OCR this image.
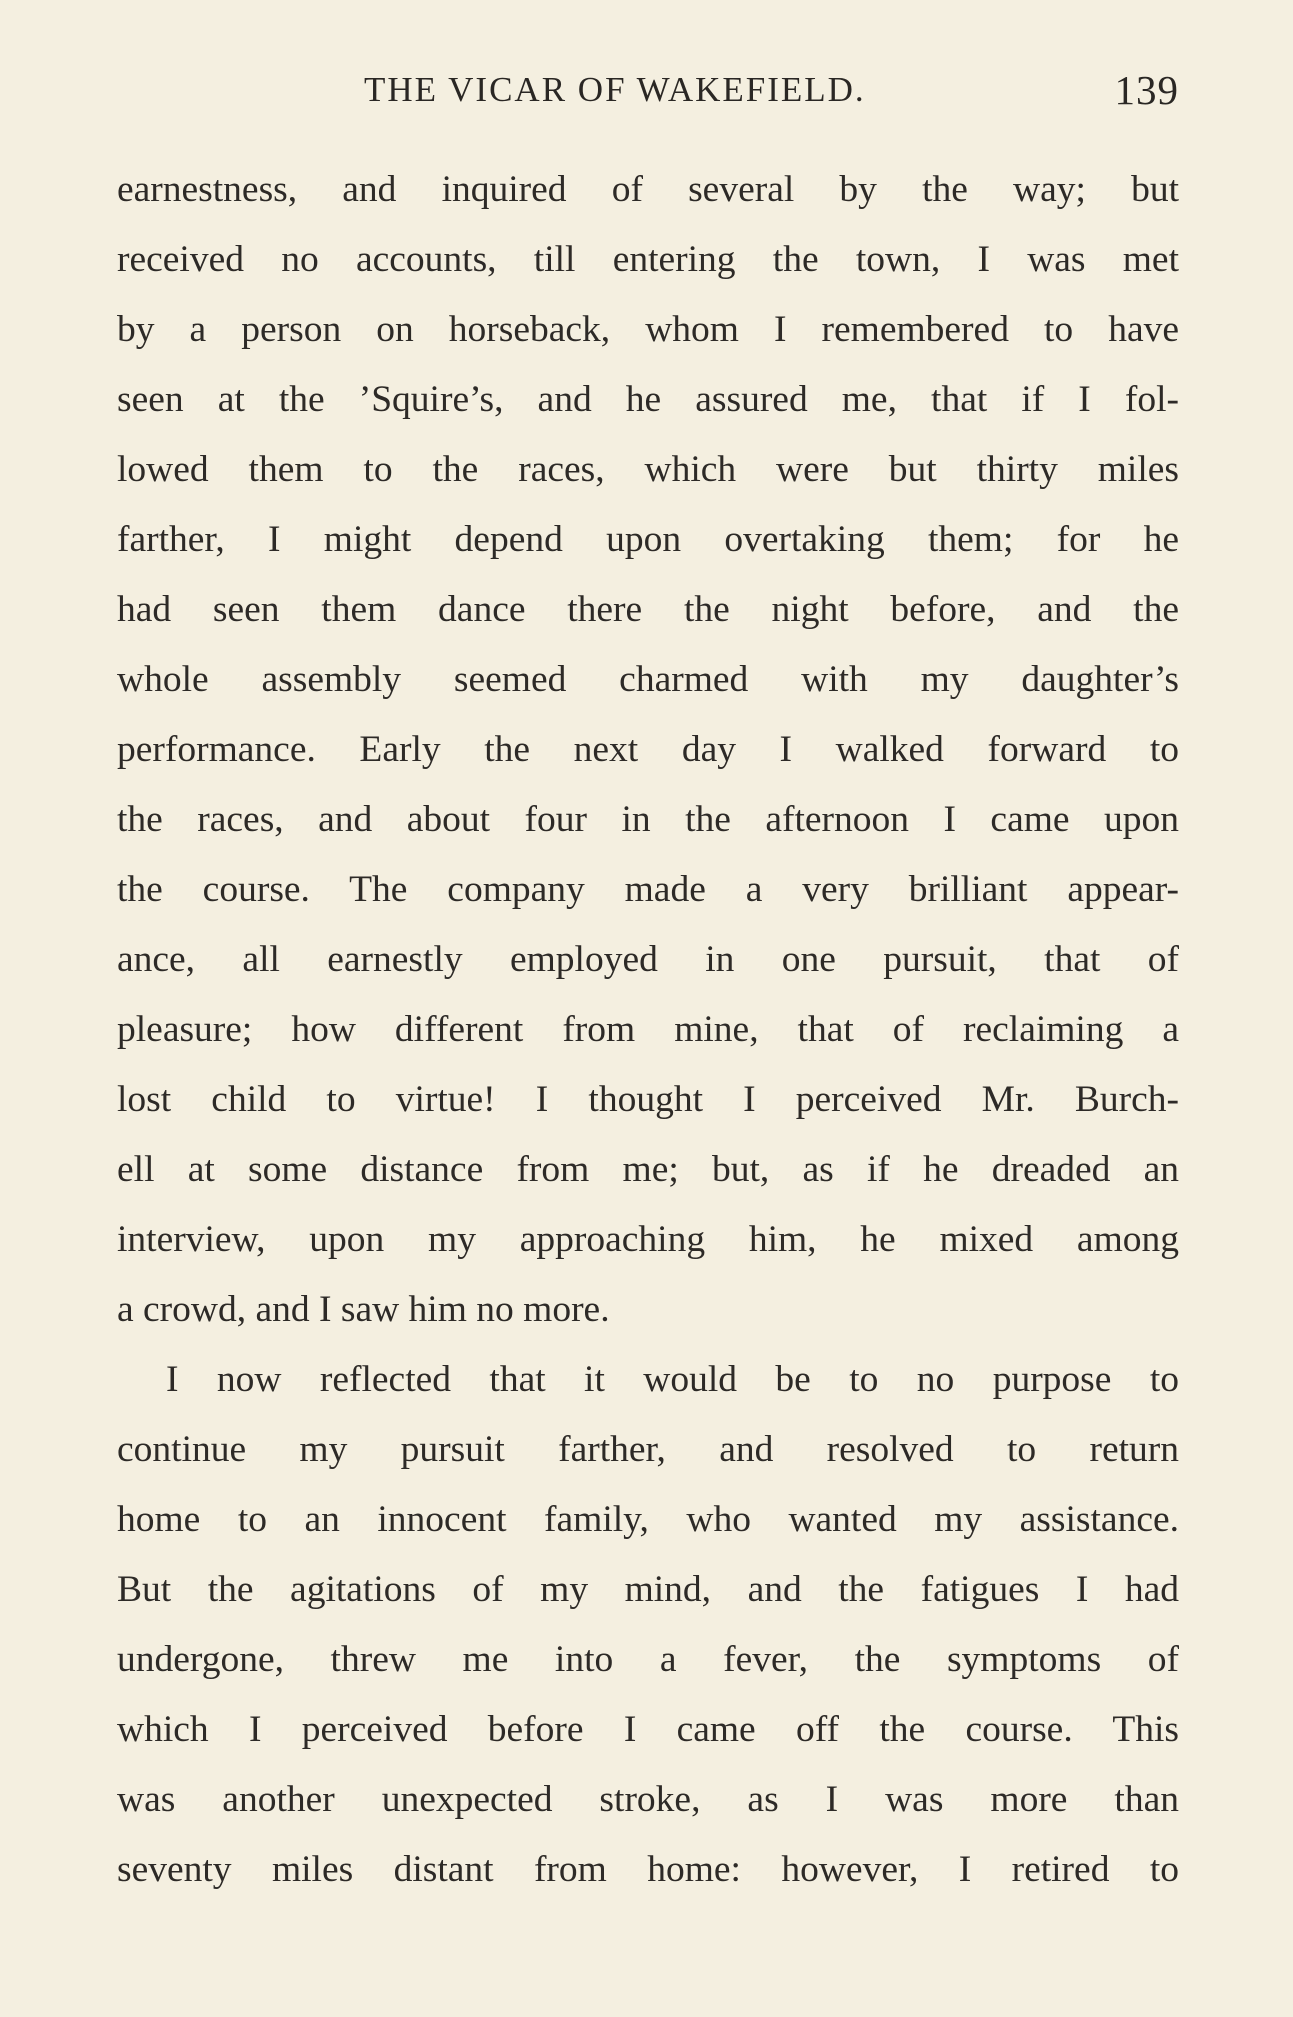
THE VICAR OF WAKEFIELD.	139
earnestness, and inquired of several by the way; but
received no accounts, till entering the town, I was met
by a person on horseback, whom I remembered to have
seen at the ’Squire’s, and he assured me, that if I fol-
lowed them to the races, which were but thirty miles
farther, I might depend upon overtaking them; for he
had seen them dance there the night before, and the
whole assembly seemed charmed with my daughter’s
performance. Early the next day I walked forward to
the races, and about four in the afternoon I came upon
the course. The company made a very brilliant appear-
ance, all earnestly employed in one pursuit, that of
pleasure; how different from mine, that of reclaiming a
lost child to virtue! I thought I perceived Mr. Burch-
ell at some distance from me; but, as if he dreaded an
interview, upon my approaching him, he mixed among
a crowd, and I saw him no more.
I now reflected that it would be to no purpose to
continue my pursuit farther, and resolved to return
home to an innocent family, who wanted my assistance.
But the agitations of my mind, and the fatigues I had
undergone, threw me into a fever, the symptoms of
which I perceived before I came off the course. This
was another unexpected stroke, as I was more than
seventy miles distant from home: however, I retired to
